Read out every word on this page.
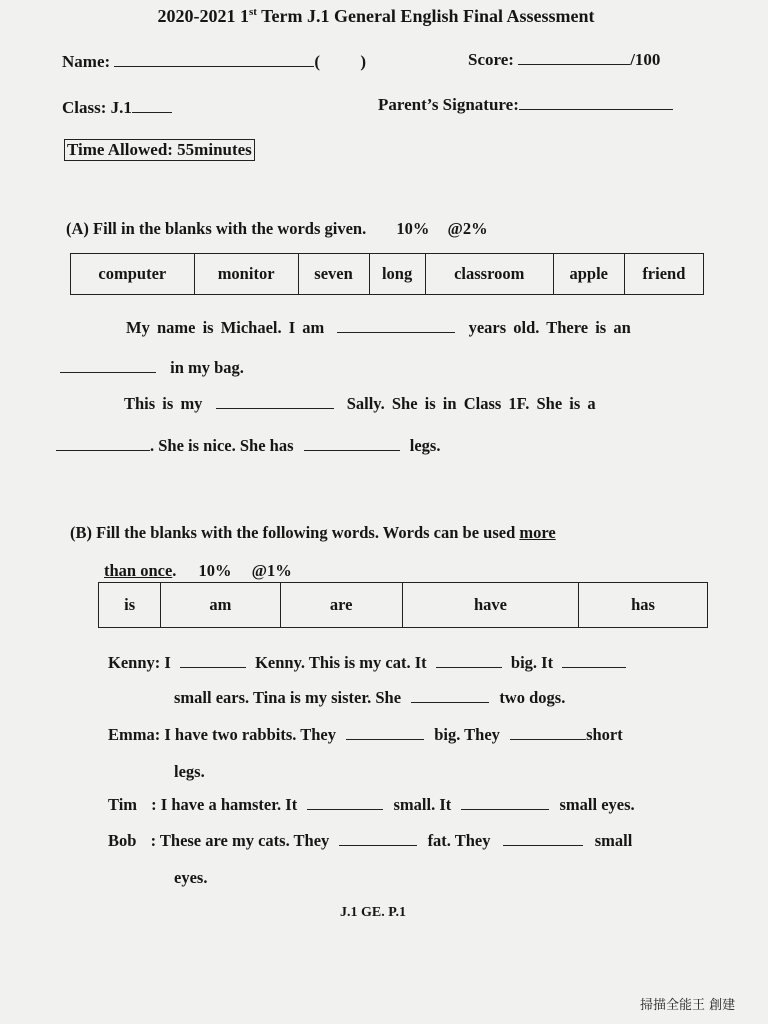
2020-2021 1st Term J.1 General English Final Assessment
Name:	( )	Score:	/100
Class: J.1	Parent’s Signature:
Time Allowed: 55minutes
(A) Fill in the blanks with the words given. 10% @2%
computer	monitor	seven	long	classroom	apple	friend
My name is Michael. I am	years old. There is an
in my bag.
This is my	Sally. She is in Class 1F. She is a
. She is nice. She has	legs.
(B) Fill the blanks with the following words. Words can be used more
than once. 10% @1%
is	am	are	have	has
Kenny: I	Kenny. This is my cat. It	big. It
small ears. Tina is my sister. She	two dogs.
Emma: I have two rabbits. They	big. They	short
legs.
Tim : I have a hamster. It	small. It	small eyes.
Bob : These are my cats. They	fat. They	small
eyes.
J.1 GE. P.1
掃描全能王 創建
